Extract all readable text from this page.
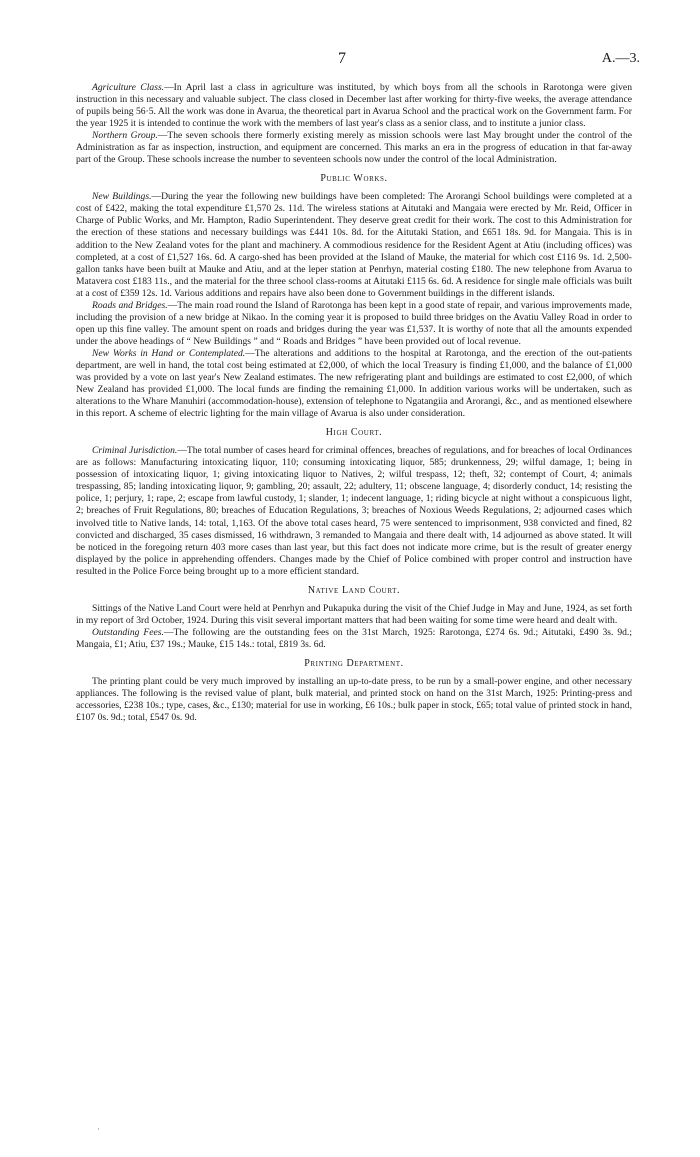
7	A.—3.

Agriculture Class.—In April last a class in agriculture was instituted, by which boys from all the schools in Rarotonga were given instruction in this necessary and valuable subject. The class closed in December last after working for thirty-five weeks, the average attendance of pupils being 56·5. All the work was done in Avarua, the theoretical part in Avarua School and the practical work on the Government farm. For the year 1925 it is intended to continue the work with the members of last year's class as a senior class, and to institute a junior class.

Northern Group.—The seven schools there formerly existing merely as mission schools were last May brought under the control of the Administration as far as inspection, instruction, and equipment are concerned. This marks an era in the progress of education in that far-away part of the Group. These schools increase the number to seventeen schools now under the control of the local Administration.

Public Works.

New Buildings.—During the year the following new buildings have been completed: The Arorangi School buildings were completed at a cost of £422, making the total expenditure £1,570 2s. 11d. The wireless stations at Aitutaki and Mangaia were erected by Mr. Reid, Officer in Charge of Public Works, and Mr. Hampton, Radio Superintendent. They deserve great credit for their work. The cost to this Administration for the erection of these stations and necessary buildings was £441 10s. 8d. for the Aitutaki Station, and £651 18s. 9d. for Mangaia. This is in addition to the New Zealand votes for the plant and machinery. A commodious residence for the Resident Agent at Atiu (including offices) was completed, at a cost of £1,527 16s. 6d. A cargo-shed has been provided at the Island of Mauke, the material for which cost £116 9s. 1d. 2,500-gallon tanks have been built at Mauke and Atiu, and at the leper station at Penrhyn, material costing £180. The new telephone from Avarua to Matavera cost £183 11s., and the material for the three school class-rooms at Aitutaki £115 6s. 6d. A residence for single male officials was built at a cost of £359 12s. 1d. Various additions and repairs have also been done to Government buildings in the different islands.

Roads and Bridges.—The main road round the Island of Rarotonga has been kept in a good state of repair, and various improvements made, including the provision of a new bridge at Nikao. In the coming year it is proposed to build three bridges on the Avatiu Valley Road in order to open up this fine valley. The amount spent on roads and bridges during the year was £1,537. It is worthy of note that all the amounts expended under the above headings of “ New Buildings ” and “ Roads and Bridges ” have been provided out of local revenue.

New Works in Hand or Contemplated.—The alterations and additions to the hospital at Rarotonga, and the erection of the out-patients department, are well in hand, the total cost being estimated at £2,000, of which the local Treasury is finding £1,000, and the balance of £1,000 was provided by a vote on last year's New Zealand estimates. The new refrigerating plant and buildings are estimated to cost £2,000, of which New Zealand has provided £1,000. The local funds are finding the remaining £1,000. In addition various works will be undertaken, such as alterations to the Whare Manuhiri (accommodation-house), extension of telephone to Ngatangiia and Arorangi, &c., and as mentioned elsewhere in this report. A scheme of electric lighting for the main village of Avarua is also under consideration.

High Court.

Criminal Jurisdiction.—The total number of cases heard for criminal offences, breaches of regulations, and for breaches of local Ordinances are as follows: Manufacturing intoxicating liquor, 110; consuming intoxicating liquor, 585; drunkenness, 29; wilful damage, 1; being in possession of intoxicating liquor, 1; giving intoxicating liquor to Natives, 2; wilful trespass, 12; theft, 32; contempt of Court, 4; animals trespassing, 85; landing intoxicating liquor, 9; gambling, 20; assault, 22; adultery, 11; obscene language, 4; disorderly conduct, 14; resisting the police, 1; perjury, 1; rape, 2; escape from lawful custody, 1; slander, 1; indecent language, 1; riding bicycle at night without a conspicuous light, 2; breaches of Fruit Regulations, 80; breaches of Education Regulations, 3; breaches of Noxious Weeds Regulations, 2; adjourned cases which involved title to Native lands, 14: total, 1,163. Of the above total cases heard, 75 were sentenced to imprisonment, 938 convicted and fined, 82 convicted and discharged, 35 cases dismissed, 16 withdrawn, 3 remanded to Mangaia and there dealt with, 14 adjourned as above stated. It will be noticed in the foregoing return 403 more cases than last year, but this fact does not indicate more crime, but is the result of greater energy displayed by the police in apprehending offenders. Changes made by the Chief of Police combined with proper control and instruction have resulted in the Police Force being brought up to a more efficient standard.

Native Land Court.

Sittings of the Native Land Court were held at Penrhyn and Pukapuka during the visit of the Chief Judge in May and June, 1924, as set forth in my report of 3rd October, 1924. During this visit several important matters that had been waiting for some time were heard and dealt with.

Outstanding Fees.—The following are the outstanding fees on the 31st March, 1925: Rarotonga, £274 6s. 9d.; Aitutaki, £490 3s. 9d.; Mangaia, £1; Atiu, £37 19s.; Mauke, £15 14s.: total, £819 3s. 6d.

Printing Department.

The printing plant could be very much improved by installing an up-to-date press, to be run by a small-power engine, and other necessary appliances. The following is the revised value of plant, bulk material, and printed stock on hand on the 31st March, 1925: Printing-press and accessories, £238 10s.; type, cases, &c., £130; material for use in working, £6 10s.; bulk paper in stock, £65; total value of printed stock in hand, £107 0s. 9d.; total, £547 0s. 9d.

·
